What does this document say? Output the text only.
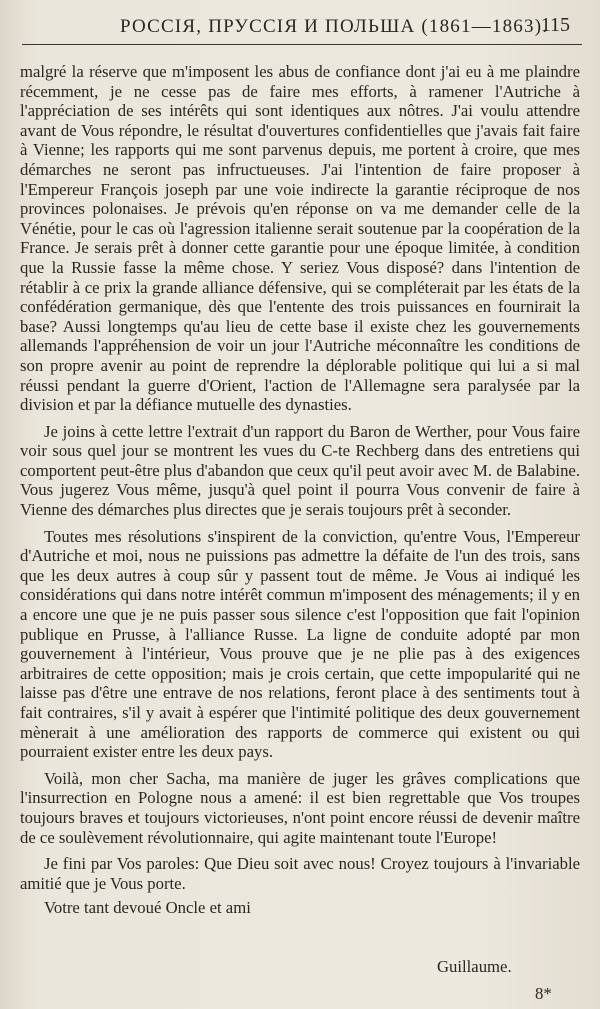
РОССІЯ, ПРУССІЯ И ПОЛЬША (1861—1863).
115

malgré la réserve que m'imposent les abus de confiance dont j'ai eu à me plaindre récemment, je ne cesse pas de faire mes efforts, à ramener l'Autriche à l'appréciation de ses intérêts qui sont identiques aux nôtres. J'ai voulu attendre avant de Vous répondre, le résultat d'ouvertures confidentielles que j'avais fait faire à Vienne; les rapports qui me sont parvenus depuis, me portent à croire, que mes démarches ne seront pas infructueuses. J'ai l'intention de faire proposer à l'Empereur François joseph par une voie indirecte la garantie réciproque de nos provinces polonaises. Je prévois qu'en réponse on va me demander celle de la Vénétie, pour le cas où l'agression italienne serait soutenue par la coopération de la France. Je serais prêt à donner cette garantie pour une époque limitée, à condition que la Russie fasse la même chose. Y seriez Vous disposé? dans l'intention de rétablir à ce prix la grande alliance défensive, qui se compléterait par les états de la confédération germanique, dès que l'entente des trois puissances en fournirait la base? Aussi longtemps qu'au lieu de cette base il existe chez les gouvernements allemands l'appréhension de voir un jour l'Autriche méconnaître les conditions de son propre avenir au point de reprendre la déplorable politique qui lui a si mal réussi pendant la guerre d'Orient, l'action de l'Allemagne sera paralysée par la division et par la défiance mutuelle des dynasties.

Je joins à cette lettre l'extrait d'un rapport du Baron de Werther, pour Vous faire voir sous quel jour se montrent les vues du C-te Rechberg dans des entretiens qui comportent peut-être plus d'abandon que ceux qu'il peut avoir avec M. de Balabine. Vous jugerez Vous même, jusqu'à quel point il pourra Vous convenir de faire à Vienne des démarches plus directes que je serais toujours prêt à seconder.

Toutes mes résolutions s'inspirent de la conviction, qu'entre Vous, l'Empereur d'Autriche et moi, nous ne puissions pas admettre la défaite de l'un des trois, sans que les deux autres à coup sûr y passent tout de même. Je Vous ai indiqué les considérations qui dans notre intérêt commun m'imposent des ménagements; il y en a encore une que je ne puis passer sous silence c'est l'opposition que fait l'opinion publique en Prusse, à l'alliance Russe. La ligne de conduite adopté par mon gouvernement à l'intérieur, Vous prouve que je ne plie pas à des exigences arbitraires de cette opposition; mais je crois certain, que cette impopularité qui ne laisse pas d'être une entrave de nos relations, feront place à des sentiments tout à fait contraires, s'il y avait à espérer que l'intimité politique des deux gouvernement mènerait à une amélioration des rapports de commerce qui existent ou qui pourraient exister entre les deux pays.

Voilà, mon cher Sacha, ma manière de juger les grâves complications que l'insurrection en Pologne nous a amené: il est bien regrettable que Vos troupes toujours braves et toujours victorieuses, n'ont point encore réussi de devenir maître de ce soulèvement révolutionnaire, qui agite maintenant toute l'Europe!

Je fini par Vos paroles: Que Dieu soit avec nous! Croyez toujours à l'invariable amitié que je Vous porte.

Votre tant devoué Oncle et ami

Guillaume.
8*
